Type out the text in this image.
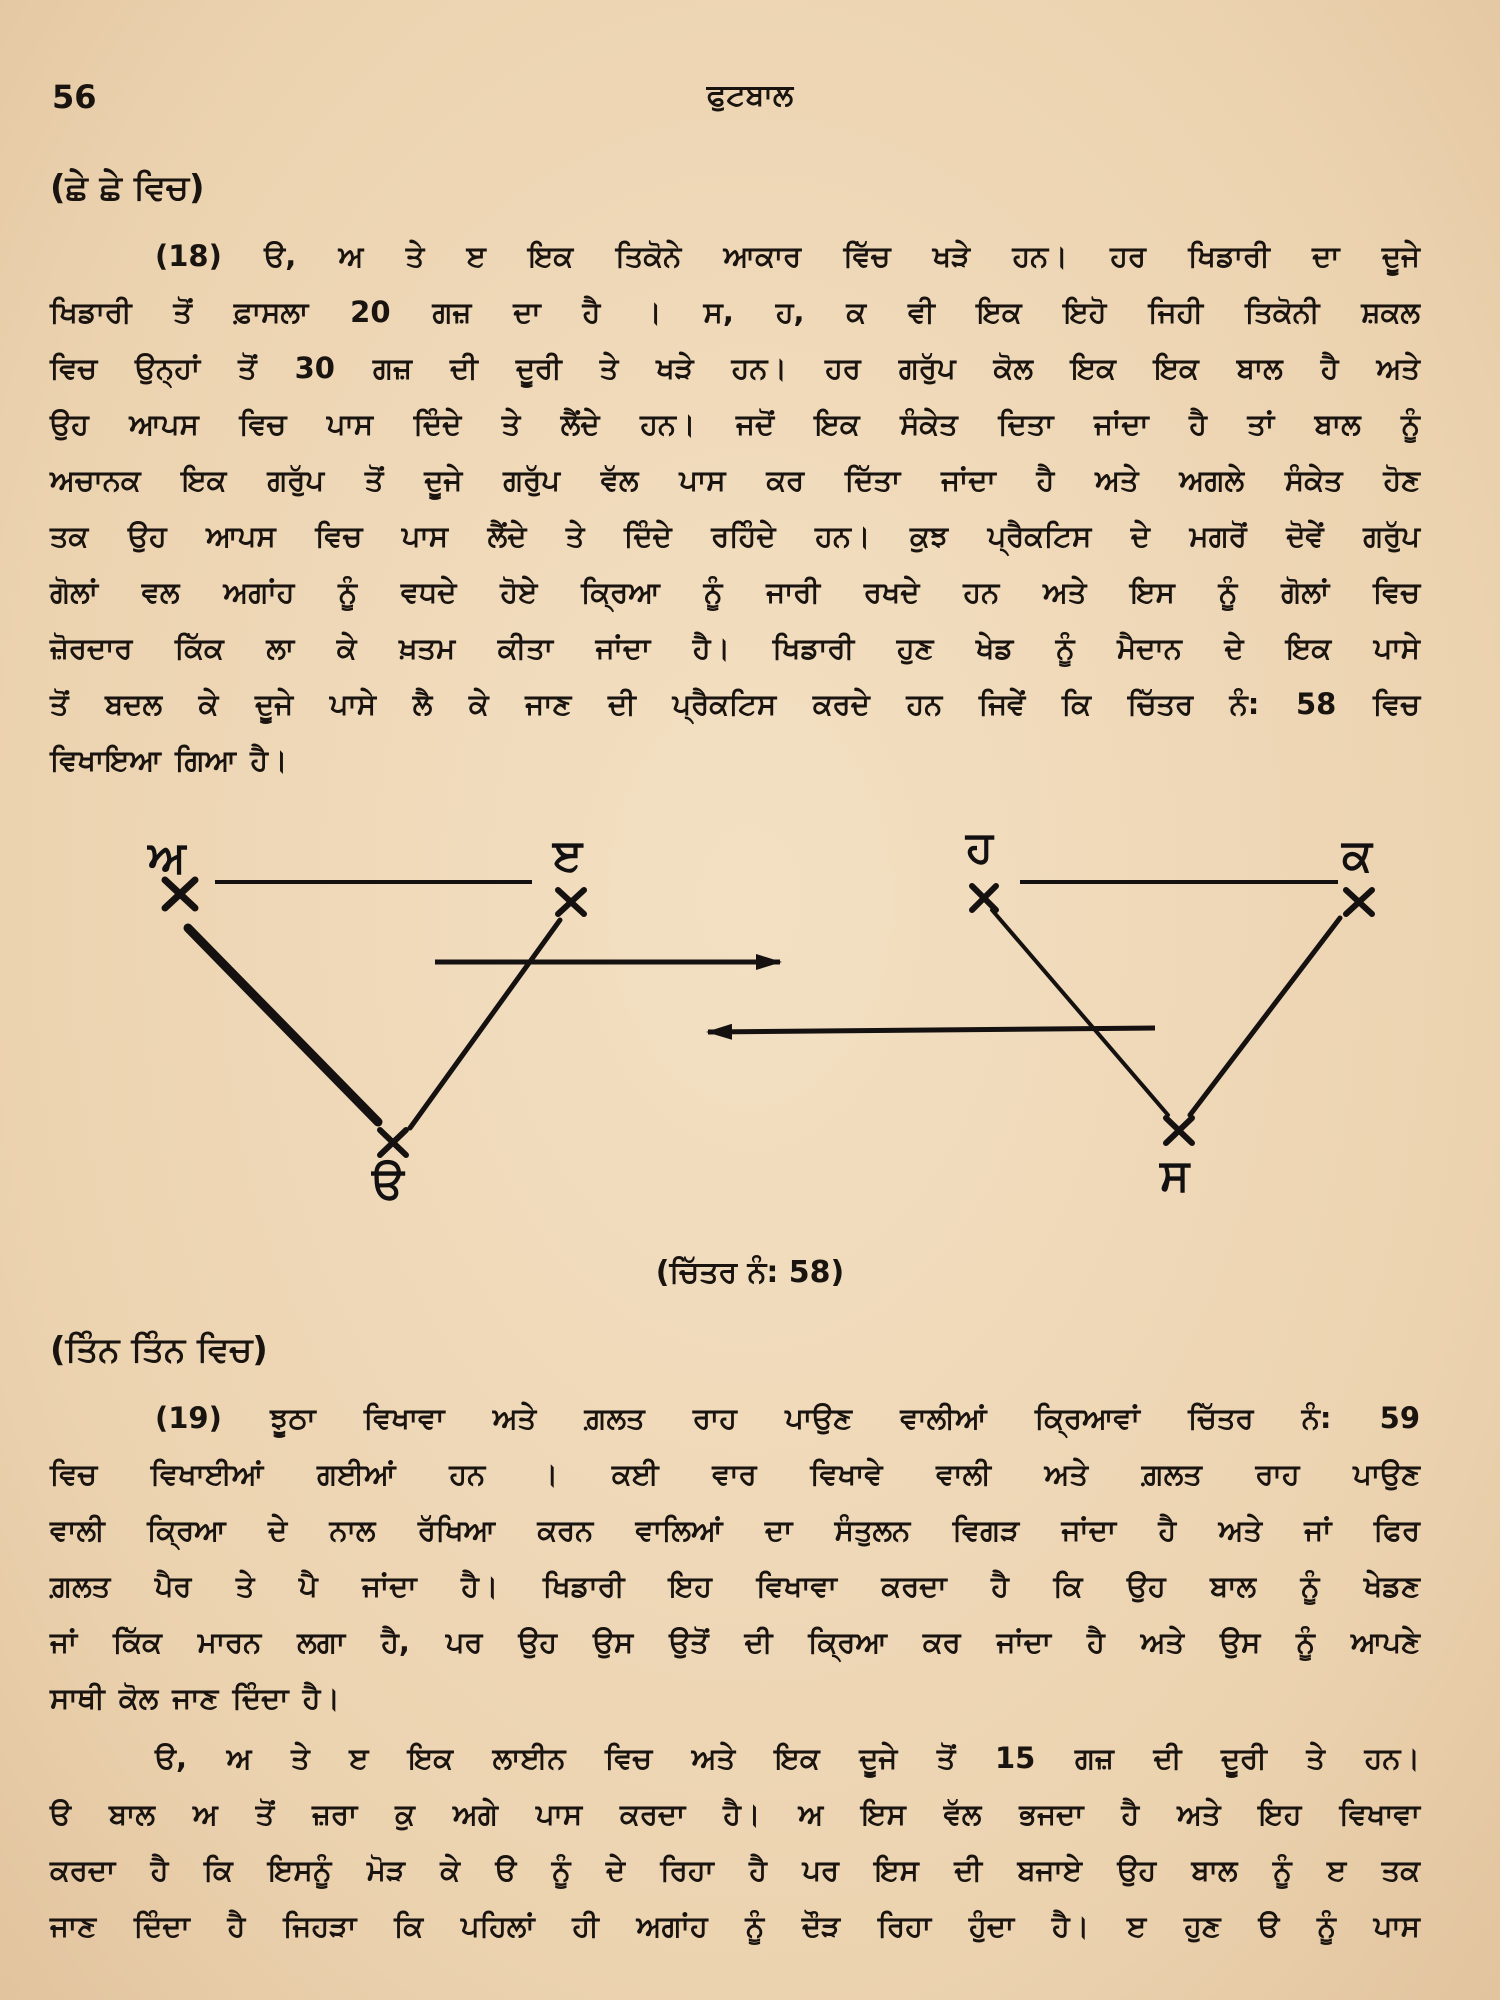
56	ਫੁਟਬਾਲ
(ਛੇ ਛੇ ਵਿਚ)
(18) ੳ, ਅ ਤੇ ੲ ਇਕ ਤਿਕੋਨੇ ਆਕਾਰ ਵਿੱਚ ਖੜੇ ਹਨ। ਹਰ ਖਿਡਾਰੀ ਦਾ ਦੂਜੇ
ਖਿਡਾਰੀ ਤੋਂ ਫ਼ਾਸਲਾ 20 ਗਜ਼ ਦਾ ਹੈ । ਸ, ਹ, ਕ ਵੀ ਇਕ ਇਹੋ ਜਿਹੀ ਤਿਕੋਨੀ ਸ਼ਕਲ
ਵਿਚ ਉਨ੍ਹਾਂ ਤੋਂ 30 ਗਜ਼ ਦੀ ਦੂਰੀ ਤੇ ਖੜੇ ਹਨ। ਹਰ ਗਰੁੱਪ ਕੋਲ ਇਕ ਇਕ ਬਾਲ ਹੈ ਅਤੇ
ਉਹ ਆਪਸ ਵਿਚ ਪਾਸ ਦਿੰਦੇ ਤੇ ਲੈਂਦੇ ਹਨ। ਜਦੋਂ ਇਕ ਸੰਕੇਤ ਦਿਤਾ ਜਾਂਦਾ ਹੈ ਤਾਂ ਬਾਲ ਨੂੰ
ਅਚਾਨਕ ਇਕ ਗਰੁੱਪ ਤੋਂ ਦੂਜੇ ਗਰੁੱਪ ਵੱਲ ਪਾਸ ਕਰ ਦਿੱਤਾ ਜਾਂਦਾ ਹੈ ਅਤੇ ਅਗਲੇ ਸੰਕੇਤ ਹੋਣ
ਤਕ ਉਹ ਆਪਸ ਵਿਚ ਪਾਸ ਲੈਂਦੇ ਤੇ ਦਿੰਦੇ ਰਹਿੰਦੇ ਹਨ। ਕੁਝ ਪ੍ਰੈਕਟਿਸ ਦੇ ਮਗਰੋਂ ਦੋਵੇਂ ਗਰੁੱਪ
ਗੋਲਾਂ ਵਲ ਅਗਾਂਹ ਨੂੰ ਵਧਦੇ ਹੋਏ ਕ੍ਰਿਆ ਨੂੰ ਜਾਰੀ ਰਖਦੇ ਹਨ ਅਤੇ ਇਸ ਨੂੰ ਗੋਲਾਂ ਵਿਚ
ਜ਼ੋਰਦਾਰ ਕਿੱਕ ਲਾ ਕੇ ਖ਼ਤਮ ਕੀਤਾ ਜਾਂਦਾ ਹੈ। ਖਿਡਾਰੀ ਹੁਣ ਖੇਡ ਨੂੰ ਮੈਦਾਨ ਦੇ ਇਕ ਪਾਸੇ
ਤੋਂ ਬਦਲ ਕੇ ਦੂਜੇ ਪਾਸੇ ਲੈ ਕੇ ਜਾਣ ਦੀ ਪ੍ਰੈਕਟਿਸ ਕਰਦੇ ਹਨ ਜਿਵੇਂ ਕਿ ਚਿੱਤਰ ਨੰ: 58 ਵਿਚ
ਵਿਖਾਇਆ ਗਿਆ ਹੈ।
ਅ	ੲ
ੳ
ਹ	ਕ
ਸ
(ਚਿੱਤਰ ਨੰ: 58)
(ਤਿੰਨ ਤਿੰਨ ਵਿਚ)
(19) ਝੂਠਾ ਵਿਖਾਵਾ ਅਤੇ ਗ਼ਲਤ ਰਾਹ ਪਾਉਣ ਵਾਲੀਆਂ ਕ੍ਰਿਆਵਾਂ ਚਿੱਤਰ ਨੰ: 59
ਵਿਚ ਵਿਖਾਈਆਂ ਗਈਆਂ ਹਨ । ਕਈ ਵਾਰ ਵਿਖਾਵੇ ਵਾਲੀ ਅਤੇ ਗ਼ਲਤ ਰਾਹ ਪਾਉਣ
ਵਾਲੀ ਕ੍ਰਿਆ ਦੇ ਨਾਲ ਰੱਖਿਆ ਕਰਨ ਵਾਲਿਆਂ ਦਾ ਸੰਤੁਲਨ ਵਿਗੜ ਜਾਂਦਾ ਹੈ ਅਤੇ ਜਾਂ ਫਿਰ
ਗ਼ਲਤ ਪੈਰ ਤੇ ਪੈ ਜਾਂਦਾ ਹੈ। ਖਿਡਾਰੀ ਇਹ ਵਿਖਾਵਾ ਕਰਦਾ ਹੈ ਕਿ ਉਹ ਬਾਲ ਨੂੰ ਖੇਡਣ
ਜਾਂ ਕਿੱਕ ਮਾਰਨ ਲਗਾ ਹੈ, ਪਰ ਉਹ ਉਸ ਉਤੋਂ ਦੀ ਕ੍ਰਿਆ ਕਰ ਜਾਂਦਾ ਹੈ ਅਤੇ ਉਸ ਨੂੰ ਆਪਣੇ
ਸਾਥੀ ਕੋਲ ਜਾਣ ਦਿੰਦਾ ਹੈ।
ੳ, ਅ ਤੇ ੲ ਇਕ ਲਾਈਨ ਵਿਚ ਅਤੇ ਇਕ ਦੂਜੇ ਤੋਂ 15 ਗਜ਼ ਦੀ ਦੂਰੀ ਤੇ ਹਨ।
ੳ ਬਾਲ ਅ ਤੋਂ ਜ਼ਰਾ ਕੁ ਅਗੇ ਪਾਸ ਕਰਦਾ ਹੈ। ਅ ਇਸ ਵੱਲ ਭਜਦਾ ਹੈ ਅਤੇ ਇਹ ਵਿਖਾਵਾ
ਕਰਦਾ ਹੈ ਕਿ ਇਸਨੂੰ ਮੋੜ ਕੇ ੳ ਨੂੰ ਦੇ ਰਿਹਾ ਹੈ ਪਰ ਇਸ ਦੀ ਬਜਾਏ ਉਹ ਬਾਲ ਨੂੰ ੲ ਤਕ
ਜਾਣ ਦਿੰਦਾ ਹੈ ਜਿਹੜਾ ਕਿ ਪਹਿਲਾਂ ਹੀ ਅਗਾਂਹ ਨੂੰ ਦੌੜ ਰਿਹਾ ਹੁੰਦਾ ਹੈ। ੲ ਹੁਣ ੳ ਨੂੰ ਪਾਸ
